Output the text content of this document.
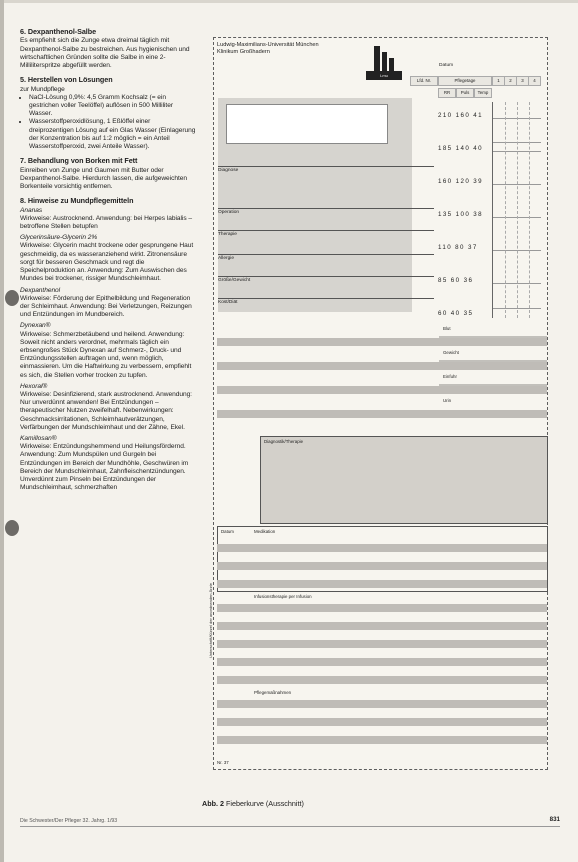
6. Dexpanthenol-Salbe

Es empfiehlt sich die Zunge etwa dreimal täglich mit Dexpanthenol-Salbe zu bestreichen. Aus hygienischen und wirtschaftlichen Gründen sollte die Salbe in eine 2-Milliliterspritze abgefüllt werden.

5. Herstellen von Lösungen

zur Mundpflege

• NaCl-Lösung 0,9%: 4,5 Gramm Kochsalz (= ein gestrichen voller Teelöffel) auflösen in 500 Milliliter Wasser.
• Wasserstoffperoxidlösung, 1 Eßlöffel einer dreiprozentigen Lösung auf ein Glas Wasser (Einlagerung der Konzentration bis auf 1:2 möglich = ein Anteil Wasserstoffperoxid, zwei Anteile Wasser).
7. Behandlung von Borken mit Fett

Einreiben von Zunge und Gaumen mit Butter oder Dexpanthenol-Salbe. Hierdurch lassen, die aufgeweichten Borkenteile vorsichtig entfernen.

8. Hinweise zu Mundpflegemitteln

Ananas

Wirkweise: Austrocknend. Anwendung: bei Herpes labialis – betroffene Stellen betupfen

Glycerinsäure-Glycerin 2%

Wirkweise: Glycerin macht trockene oder gesprungene Haut geschmeidig, da es wasseranziehend wirkt. Zitronensäure sorgt für besseren Geschmack und regt die Speichelproduktion an. Anwendung: Zum Auswischen des Mundes bei trockener, rissiger Mundschleimhaut.

Dexpanthenol

Wirkweise: Förderung der Epithelbildung und Regeneration der Schleimhaut. Anwendung: Bei Verletzungen, Reizungen und Entzündungen im Mundbereich.

Dynexan®

Wirkweise: Schmerzbetäubend und heilend. Anwendung: Soweit nicht anders verordnet, mehrmals täglich ein erbsengroßes Stück Dynexan auf Schmerz-, Druck- und Entzündungsstellen auftragen und, wenn möglich, einmassieren. Um die Haftwirkung zu verbessern, empfiehlt es sich, die Stellen vorher trocken zu tupfen.

Hexoral®

Wirkweise: Desinfizierend, stark austrocknend. Anwendung: Nur unverdünnt anwenden! Bei Entzündungen – therapeutischer Nutzen zweifelhaft. Nebenwirkungen: Geschmacksirritationen, Schleimhautverätzungen, Verfärbungen der Mundschleimhaut und der Zähne, Ekel.

Kamillosan®

Wirkweise: Entzündungshemmend und Heilungsfördernd. Anwendung: Zum Mundspülen und Gurgeln bei Entzündungen im Bereich der Mundhöhle, Geschwüren im Bereich der Mundschleimhaut, Zahnfleischentzündungen. Unverdünnt zum Pinseln bei Entzündungen der Mundschleimhaut, schmerzhaften

Ludwig-Maximilians-Universität München
Klinikum Großhadern
Lmu
Datum
Lfd. Nr.	Pflegetage	1	2	3	4
RR	Puls	Temp
Diagnose
Operation
Therapie
Allergie
Größe/Gewicht
Kost/Diät
210 160 41
185 140 40
160 120 39
135 100 38
110 80 37
85 60 36
60 40 35
Blut
Gewicht
Einfuhr
Urin
Diagnostik/Therapie
Datum	Medikation
Infusionstherapie per Infusion
Pflegemaßnahmen
Unterschrift/Kürzel der anordnenden Ärzte
Nr. 37
Abb. 2 Fieberkurve (Ausschnitt)
Die Schwester/Der Pfleger 32. Jahrg. 1/93	831
